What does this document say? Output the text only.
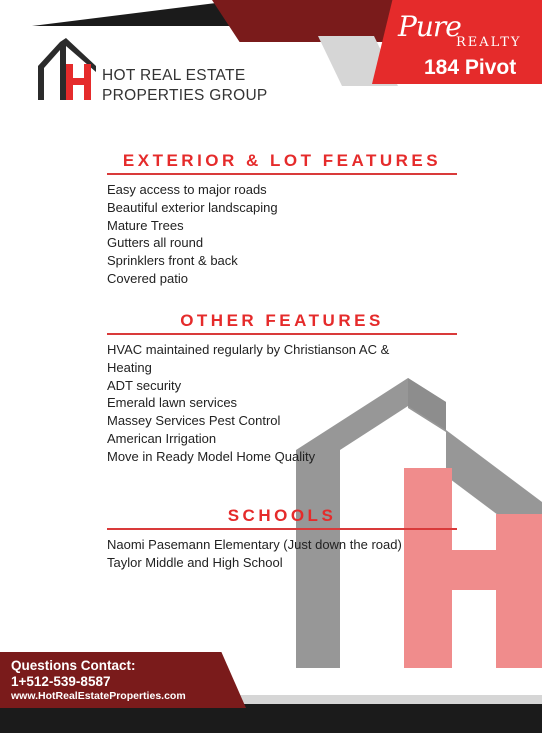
Pure
REALTY
184 Pivot
HOT REAL ESTATE
PROPERTIES GROUP
EXTERIOR & LOT FEATURES
Easy access to major roads
Beautiful exterior landscaping
Mature Trees
Gutters all round
Sprinklers front & back
Covered patio
OTHER FEATURES
HVAC maintained regularly by Christianson AC &
Heating
ADT security
Emerald lawn services
Massey Services Pest Control
American Irrigation
Move in Ready Model Home Quality
SCHOOLS
Naomi Pasemann Elementary (Just down the road)
Taylor Middle and High School
Questions Contact:
1+512-539-8587
www.HotRealEstateProperties.com
